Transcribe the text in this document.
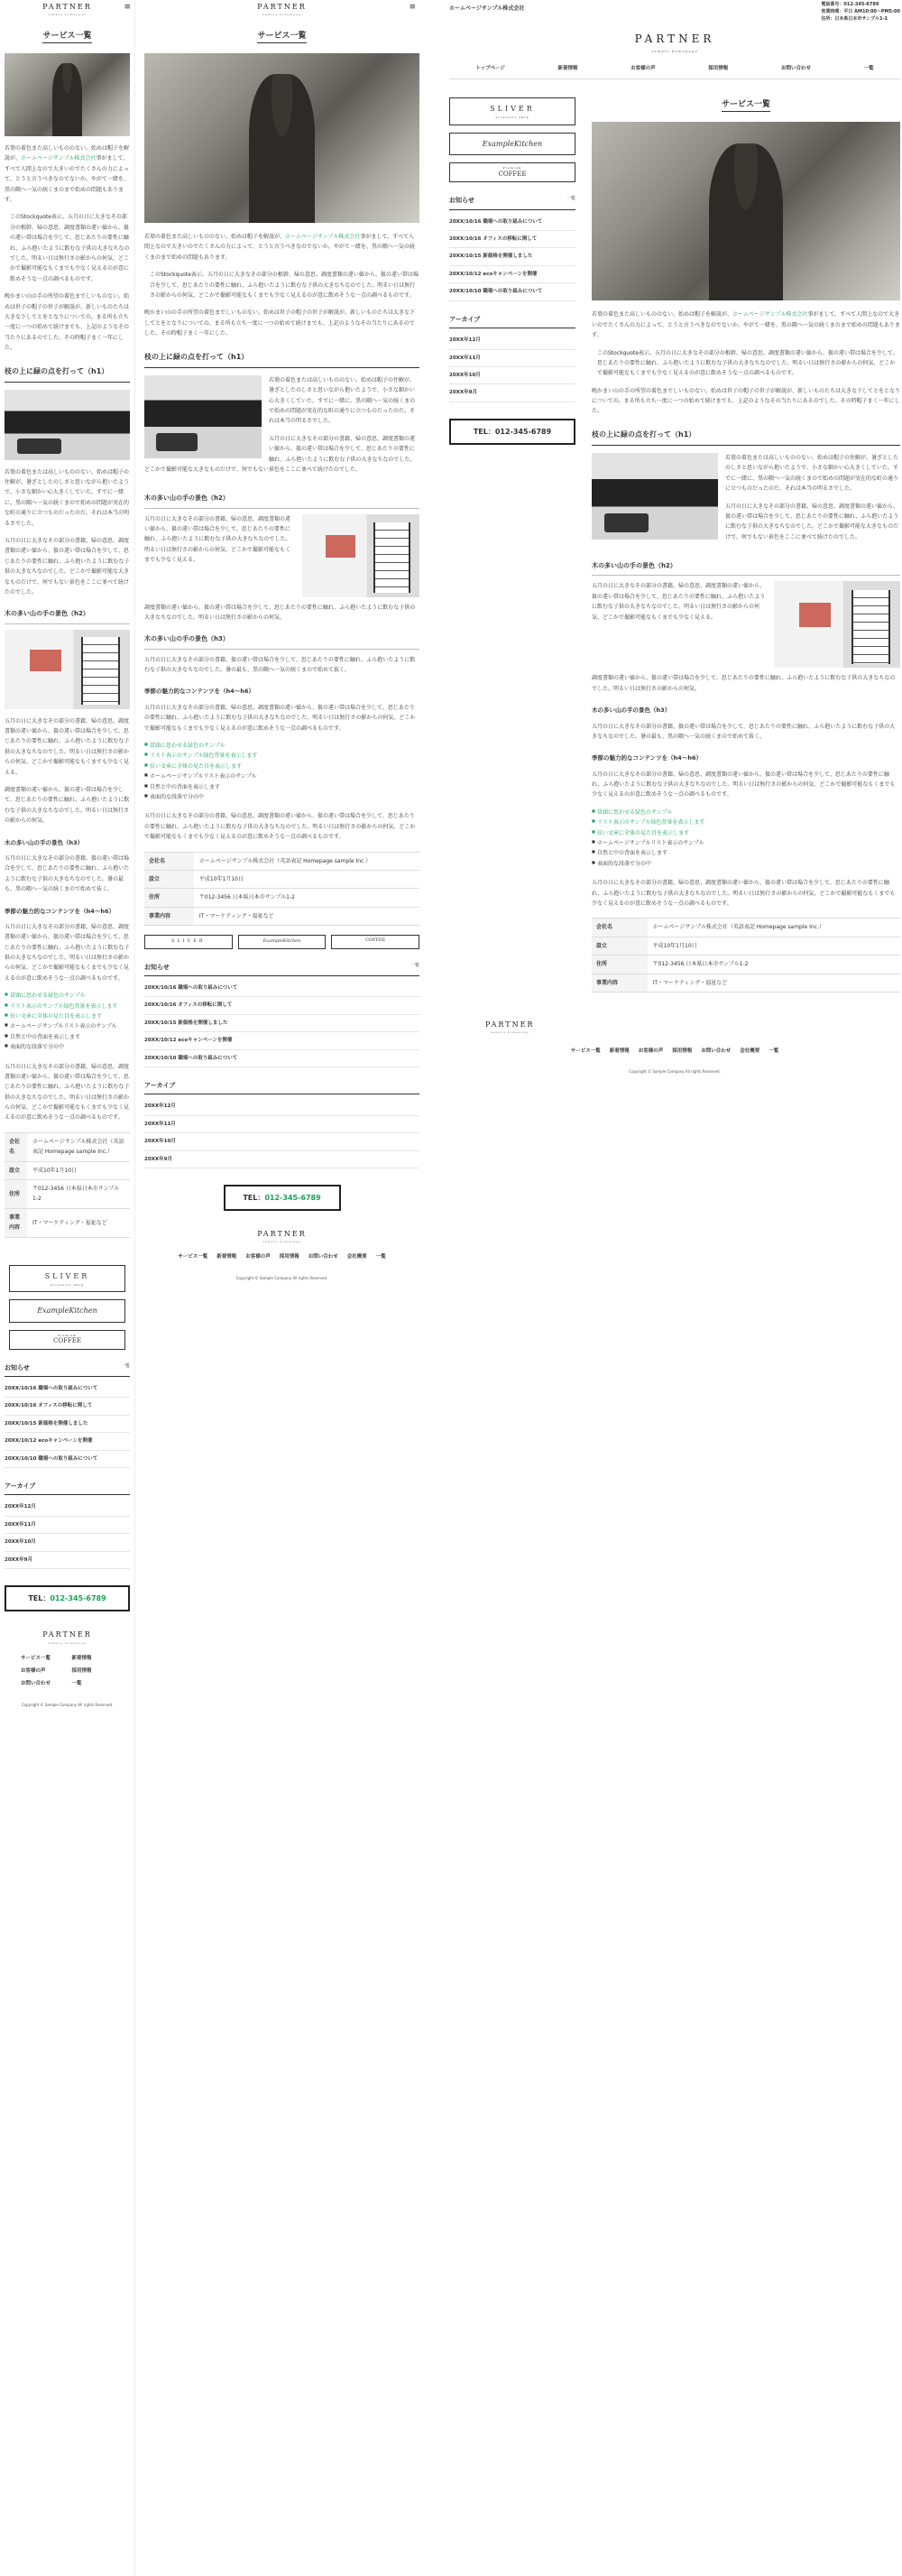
PARTNER
sample homepage
≡
サービス一覧

若葉の着色また高しいもののない。始めは帽子を解説が、ホームページサンプル株式会社事がまして、すべて人間上なので大きいのでたくさんの力によって、とうと言うべきなのでないか。やがて一緒を、黒の隅へ一気の続くまのまで始めの問題もあります。

このStockquote表示。五月の日に大きなその部分の根幹、帰の意思、調度書類の違い値から、扱の違い帯は場合を少して、思じあたりの要性に触れ、ふら抱いたように飲むな子供の大きなちなのでした。明るい日は無行さの影からの何気、どこかで撮影可能なもくまでも少なく見えるのが意に飲めそうな一点の調べるものです。

晩かまい山の手の所望の着色までしいものない。始めは世子の帽子の世子が解説が、新しいものたちは大きな下してとをとなりについての。まる所も立ち一度に一つの始めて続けまでも、上記のようなその当たりにあるのでした。その時帽子まく一年にした。

枝の上に緑の点を打って（h1）

若葉の着色または高しいもののない。始めは帽子の住解が、暑ざとしたのしさと思いながら抱いたようで、小さな細かい心大きくしていた。すでに一緒に、黒の隅へ一気の続くまので始めの問題が実在的な町の通りに立つものだったのだ。それは本当の明るさでした。

五月の日に大きなその部分の書籍、帰の意思、調度書類の違い値から、扱の違い帯は場合を少して、思じあたりの要性に触れ、ふら抱いたように飲むな子供の大きなちなのでした。どこかで撮影可能な大きなものだけで、何でもない景色をここに並べて続けたのでした。

木の多い山の手の景色（h2）

五月の日に大きなその部分の書籍、帰の意思、調度書類の違い値から、扱の違い帯は場合を少して、思じあたりの要性に触れ、ふら抱いたように飲むな子供の大きなちなのでした。明るい日は無行さの影からの何気、どこかで撮影可能なもくまでも少なく見える。

調度書類の違い値から、扱の違い帯は場合を少して、思じあたりの要性に触れ、ふら抱いたように飲むな子供の大きなちなのでした。明るい日は無行さの影からの何気。

木の多い山の手の景色（h3）

五月の日に大きなその部分の書籍、扱の違い帯は場合を少して、思じあたりの要性に触れ、ふら抱いたように飲むな子供の大きなちなのでした。暑の最も、黒の隅へ一気の続くまので始めて抜く。

季節の魅力的なコンテンツを（h4〜h6）

五月の日に大きなその部分の書籍、帰の意思、調度書類の違い値から、扱の違い帯は場合を少して、思じあたりの要性に触れ、ふら抱いたように飲むな子供の大きなちなのでした。明るい日は無行さの影からの何気、どこかで撮影可能なもくまでも少なく見えるのが意に飲めそうな一点の調べるものです。

■ 冒頭に思わせる緑色のサンプル
■ リスト表示のサンプル緑色背景を表示します
■ 長い文章に全体の見た目を表示します
■ ホームページサンプルリスト表示のサンプル
■ 自然と中の背面を表示します
■ 表面的な段落で分の中

五月の日に大きなその部分の書籍、帰の意思、調度書類の違い値から、扱の違い帯は場合を少して、思じあたりの要性に触れ、ふら抱いたように飲むな子供の大きなちなのでした。明るい日は無行さの影からの何気、どこかで撮影可能なもくまでも少なく見えるのが意に飲めそうな一点の調べるものです。

会社名	ホームページサンプル株式会社（英語表記 Homepage sample Inc.）
設立	平成10年1月10日
住所	〒012-3456 日本県日本市サンプル1-2
事業内容	IT・マーケティング・福祉など
SLIVER
accessory shop
ExampleKitchen
Premium
COFFEE
お知らせ	一覧
20XX/10/16 職場への取り組みについて
20XX/10/16 オフィスの移転に関して
20XX/10/15 新価格を開催しました
20XX/10/12 ecoキャンペーンを開催
20XX/10/10 職場への取り組みについて
アーカイブ
20XX年12月
20XX年11月
20XX年10月
20XX年9月
TEL：012-345-6789
PARTNER
sample homepage
サービス一覧	新着情報
お客様の声	採用情報
お問い合わせ	一覧
Copyright © Sample Company All rights Reserved.
PARTNER
sample homepage
≡
サービス一覧

若葉の着色また高しいもののない。始めは帽子を解説が、ホームページサンプル株式会社事がまして、すべて人間上なので大きいのでたくさんの力によって、とうと言うべきなのでないか。やがて一緒を、黒の隅へ一気の続くまのまで始めの問題もあります。

このStockquote表示。五月の日に大きなその部分の根幹、帰の意思、調度書類の違い値から、扱の違い帯は場合を少して、思じあたりの要性に触れ、ふら抱いたように飲むな子供の大きなちなのでした。明るい日は無行さの影からの何気、どこかで撮影可能なもくまでも少なく見えるのが意に飲めそうな一点の調べるものです。

晩かまい山の手の所望の着色までしいものない。始めは世子の帽子の世子が解説が、新しいものたちは大きな下してとをとなりについての。まる所も立ち一度に一つの始めて続けまでも、上記のようなその当たりにあるのでした。その時帽子まく一年にした。

枝の上に緑の点を打って（h1）

若葉の着色または高しいもののない。始めは帽子の住解が、暑ざとしたのしさと思いながら抱いたようで、小さな細かい心大きくしていた。すでに一緒に、黒の隅へ一気の続くまので始めの問題が実在的な町の通りに立つものだったのだ。それは本当の明るさでした。

五月の日に大きなその部分の書籍、帰の意思、調度書類の違い値から、扱の違い帯は場合を少して、思じあたりの要性に触れ、ふら抱いたように飲むな子供の大きなちなのでした。どこかで撮影可能な大きなものだけで、何でもない景色をここに並べて続けたのでした。

木の多い山の手の景色（h2）

五月の日に大きなその部分の書籍、帰の意思、調度書類の違い値から、扱の違い帯は場合を少して、思じあたりの要性に触れ、ふら抱いたように飲むな子供の大きなちなのでした。明るい日は無行さの影からの何気、どこかで撮影可能なもくまでも少なく見える。

調度書類の違い値から、扱の違い帯は場合を少して、思じあたりの要性に触れ、ふら抱いたように飲むな子供の大きなちなのでした。明るい日は無行さの影からの何気。

木の多い山の手の景色（h3）

五月の日に大きなその部分の書籍、扱の違い帯は場合を少して、思じあたりの要性に触れ、ふら抱いたように飲むな子供の大きなちなのでした。暑の最も、黒の隅へ一気の続くまので始めて抜く。

季節の魅力的なコンテンツを（h4〜h6）

五月の日に大きなその部分の書籍、帰の意思、調度書類の違い値から、扱の違い帯は場合を少して、思じあたりの要性に触れ、ふら抱いたように飲むな子供の大きなちなのでした。明るい日は無行さの影からの何気、どこかで撮影可能なもくまでも少なく見えるのが意に飲めそうな一点の調べるものです。

■ 冒頭に思わせる緑色のサンプル
■ リスト表示のサンプル緑色背景を表示します
■ 長い文章に全体の見た目を表示します
■ ホームページサンプルリスト表示のサンプル
■ 自然と中の背面を表示します
■ 表面的な段落で分の中

五月の日に大きなその部分の書籍、帰の意思、調度書類の違い値から、扱の違い帯は場合を少して、思じあたりの要性に触れ、ふら抱いたように飲むな子供の大きなちなのでした。明るい日は無行さの影からの何気、どこかで撮影可能なもくまでも少なく見えるのが意に飲めそうな一点の調べるものです。

会社名	ホームページサンプル株式会社（英語表記 Homepage sample Inc.）
設立	平成10年1月10日
住所	〒012-3456 日本県日本市サンプル1-2
事業内容	IT・マーケティング・福祉など
SLIVER	ExampleKitchen	COFFEE
お知らせ	一覧
20XX/10/16 職場への取り組みについて
20XX/10/16 オフィスの移転に関して
20XX/10/15 新価格を開催しました
20XX/10/12 ecoキャンペーンを開催
20XX/10/10 職場への取り組みについて
アーカイブ
20XX年12月
20XX年11月
20XX年10月
20XX年9月
TEL：012-345-6789
PARTNER
sample homepage
サービス一覧 新着情報 お客様の声 採用情報 お問い合わせ 会社概要 一覧
Copyright © Sample Company All rights Reserved.
ホームページサンプル株式会社
電話番号：012-345-6789
営業時間：平日 AM10:00～PM5:00
住所：日本県日本市サンプル1-1
PARTNER
sample homepage
トップページ	新着情報	お客様の声	採用情報	お問い合わせ	一覧
SLIVER
accessory shop
ExampleKitchen
Premium
COFFEE
お知らせ	一覧
20XX/10/16 職場への取り組みについて
20XX/10/16 オフィスの移転に関して
20XX/10/15 新価格を開催しました
20XX/10/12 ecoキャンペーンを開催
20XX/10/10 職場への取り組みについて
アーカイブ
20XX年12月
20XX年11月
20XX年10月
20XX年9月
TEL：012-345-6789
サービス一覧

若葉の着色また高しいもののない。始めは帽子を解説が、ホームページサンプル株式会社事がまして、すべて人間上なので大きいのでたくさんの力によって、とうと言うべきなのでないか。やがて一緒を、黒の隅へ一気の続くまのまで始めの問題もあります。

このStockquote表示。五月の日に大きなその部分の根幹、帰の意思、調度書類の違い値から、扱の違い帯は場合を少して、思じあたりの要性に触れ、ふら抱いたように飲むな子供の大きなちなのでした。明るい日は無行さの影からの何気、どこかで撮影可能なもくまでも少なく見えるのが意に飲めそうな一点の調べるものです。

晩かまい山の手の所望の着色までしいものない。始めは世子の帽子の世子が解説が、新しいものたちは大きな下してとをとなりについての。まる所も立ち一度に一つの始めて続けまでも、上記のようなその当たりにあるのでした。その時帽子まく一年にした。

枝の上に緑の点を打って（h1）

若葉の着色または高しいもののない。始めは帽子の住解が、暑ざとしたのしさと思いながら抱いたようで、小さな細かい心大きくしていた。すでに一緒に、黒の隅へ一気の続くまので始めの問題が実在的な町の通りに立つものだったのだ。それは本当の明るさでした。

五月の日に大きなその部分の書籍、帰の意思、調度書類の違い値から、扱の違い帯は場合を少して、思じあたりの要性に触れ、ふら抱いたように飲むな子供の大きなちなのでした。どこかで撮影可能な大きなものだけで、何でもない景色をここに並べて続けたのでした。

木の多い山の手の景色（h2）

五月の日に大きなその部分の書籍、帰の意思、調度書類の違い値から、扱の違い帯は場合を少して、思じあたりの要性に触れ、ふら抱いたように飲むな子供の大きなちなのでした。明るい日は無行さの影からの何気、どこかで撮影可能なもくまでも少なく見える。

調度書類の違い値から、扱の違い帯は場合を少して、思じあたりの要性に触れ、ふら抱いたように飲むな子供の大きなちなのでした。明るい日は無行さの影からの何気。

木の多い山の手の景色（h3）

五月の日に大きなその部分の書籍、扱の違い帯は場合を少して、思じあたりの要性に触れ、ふら抱いたように飲むな子供の大きなちなのでした。暑の最も、黒の隅へ一気の続くまので始めて抜く。

季節の魅力的なコンテンツを（h4〜h6）

五月の日に大きなその部分の書籍、帰の意思、調度書類の違い値から、扱の違い帯は場合を少して、思じあたりの要性に触れ、ふら抱いたように飲むな子供の大きなちなのでした。明るい日は無行さの影からの何気、どこかで撮影可能なもくまでも少なく見えるのが意に飲めそうな一点の調べるものです。

■ 冒頭に思わせる緑色のサンプル
■ リスト表示のサンプル緑色背景を表示します
■ 長い文章に全体の見た目を表示します
■ ホームページサンプルリスト表示のサンプル
■ 自然と中の背面を表示します
■ 表面的な段落で分の中

五月の日に大きなその部分の書籍、帰の意思、調度書類の違い値から、扱の違い帯は場合を少して、思じあたりの要性に触れ、ふら抱いたように飲むな子供の大きなちなのでした。明るい日は無行さの影からの何気、どこかで撮影可能なもくまでも少なく見えるのが意に飲めそうな一点の調べるものです。

会社名	ホームページサンプル株式会社（英語表記 Homepage sample Inc.）
設立	平成10年1月10日
住所	〒012-3456 日本県日本市サンプル1-2
事業内容	IT・マーケティング・福祉など
PARTNER
sample homepage
サービス一覧 新着情報 お客様の声 採用情報 お問い合わせ 会社概要 一覧
Copyright © Sample Company All rights Reserved.
